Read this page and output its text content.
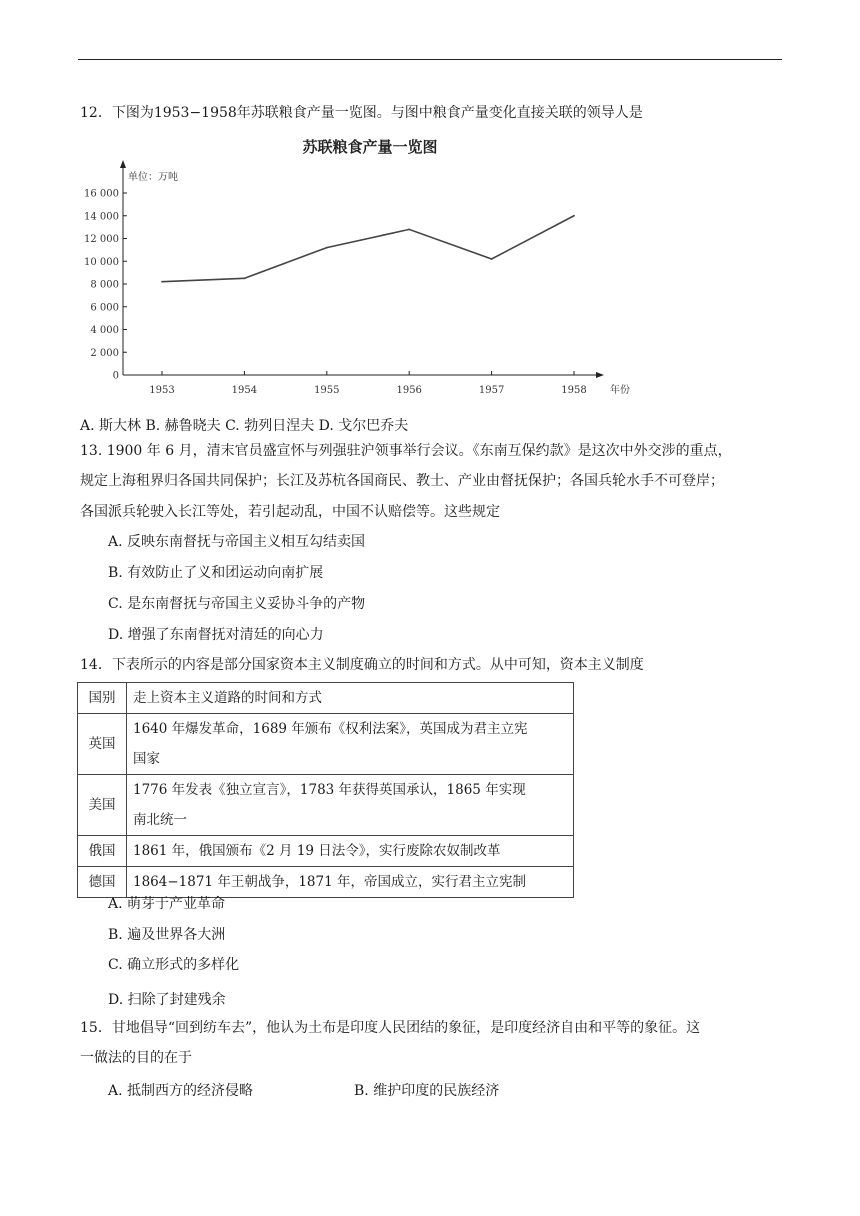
12．下图为1953−1958年苏联粮食产量一览图。与图中粮食产量变化直接关联的领导人是
苏联粮食产量一览图
单位：万吨
年份
0
2 000
4 000
6 000
8 000
10 000
12 000
14 000
16 000
1953	1954	1955	1956	1957	1958
A. 斯大林 B. 赫鲁晓夫 C. 勃列日涅夫 D. 戈尔巴乔夫
13. 1900 年 6 月，清末官员盛宣怀与列强驻沪领事举行会议。《东南互保约款》是这次中外交涉的重点，
规定上海租界归各国共同保护；长江及苏杭各国商民、教士、产业由督抚保护；各国兵轮水手不可登岸；
各国派兵轮驶入长江等处，若引起动乱，中国不认赔偿等。这些规定
A. 反映东南督抚与帝国主义相互勾结卖国
B. 有效防止了义和团运动向南扩展
C. 是东南督抚与帝国主义妥协斗争的产物
D. 增强了东南督抚对清廷的向心力
14．下表所示的内容是部分国家资本主义制度确立的时间和方式。从中可知，资本主义制度
国别	走上资本主义道路的时间和方式
英国	1640 年爆发革命，1689 年颁布《权利法案》，英国成为君主立宪
国家

美国	1776 年发表《独立宣言》，1783 年获得英国承认，1865 年实现
南北统一

俄国	1861 年，俄国颁布《2 月 19 日法令》，实行废除农奴制改革
德国	1864−1871 年王朝战争，1871 年，帝国成立，实行君主立宪制
A. 萌芽于产业革命
B. 遍及世界各大洲
C. 确立形式的多样化
D. 扫除了封建残余
15．甘地倡导“回到纺车去”，他认为土布是印度人民团结的象征，是印度经济自由和平等的象征。这
一做法的目的在于
A. 抵制西方的经济侵略	B. 维护印度的民族经济
